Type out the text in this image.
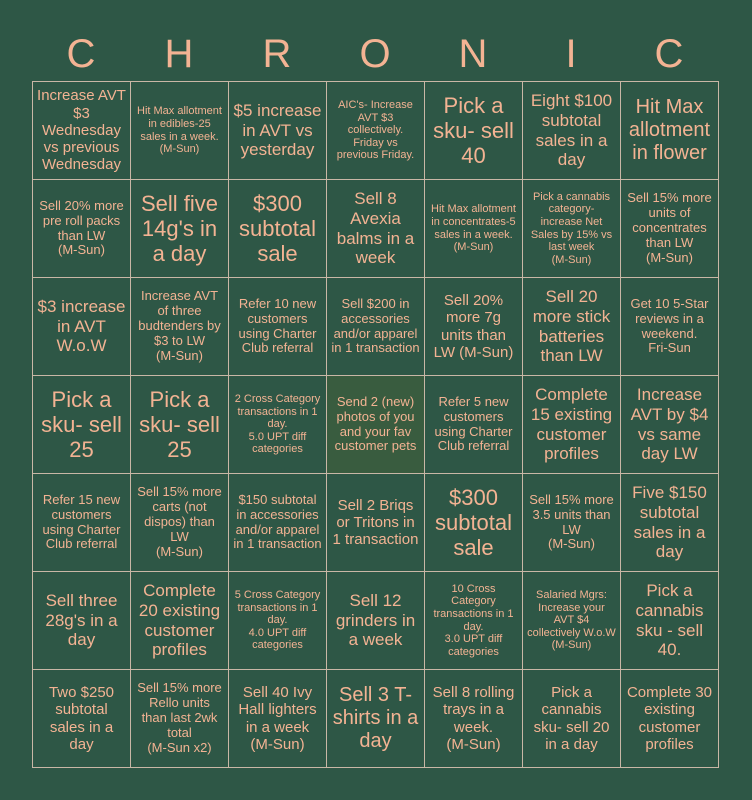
C	H	R	O	N	I	C
Increase AVT $3 Wednesday vs previous Wednesday
Hit Max allotment in edibles-25 sales in a week.
(M-Sun)
$5 increase in AVT vs yesterday
AIC's- Increase AVT $3 collectively. Friday vs previous Friday.
Pick a sku- sell 40
Eight $100 subtotal sales in a day
Hit Max allotment in flower
Sell 20% more pre roll packs than LW
(M-Sun)
Sell five 14g's in a day
$300 subtotal sale
Sell 8 Avexia balms in a week
Hit Max allotment in concentrates-5 sales in a week.
(M-Sun)
Pick a cannabis category- increase Net Sales by 15% vs last week
(M-Sun)
Sell 15% more units of concentrates than LW
(M-Sun)
$3 increase in AVT W.o.W
Increase AVT of three budtenders by $3 to LW
(M-Sun)
Refer 10 new customers using Charter Club referral
Sell $200 in accessories and/or apparel in 1 transaction
Sell 20% more 7g units than LW (M-Sun)
Sell 20 more stick batteries than LW
Get 10 5-Star reviews in a weekend.
Fri-Sun
Pick a sku- sell 25
Pick a sku- sell 25
2 Cross Category transactions in 1 day.
5.0 UPT diff categories
Send 2 (new) photos of you and your fav customer pets
Refer 5 new customers using Charter Club referral
Complete 15 existing customer profiles
Increase AVT by $4 vs same day LW
Refer 15 new customers using Charter Club referral
Sell 15% more carts (not dispos) than LW
(M-Sun)
$150 subtotal in accessories and/or apparel in 1 transaction
Sell 2 Briqs or Tritons in 1 transaction
$300 subtotal sale
Sell 15% more 3.5 units than LW
(M-Sun)
Five $150 subtotal sales in a day
Sell three 28g's in a day
Complete 20 existing customer profiles
5 Cross Category transactions in 1 day.
4.0 UPT diff categories
Sell 12 grinders in a week
10 Cross Category transactions in 1 day.
3.0 UPT diff categories
Salaried Mgrs: Increase your AVT $4 collectively W.o.W
(M-Sun)
Pick a cannabis sku - sell 40.
Two $250 subtotal sales in a day
Sell 15% more Rello units than last 2wk total
(M-Sun x2)
Sell 40 Ivy Hall lighters in a week
(M-Sun)
Sell 3 T-shirts in a day
Sell 8 rolling trays in a week.
(M-Sun)
Pick a cannabis sku- sell 20 in a day
Complete 30 existing customer profiles
